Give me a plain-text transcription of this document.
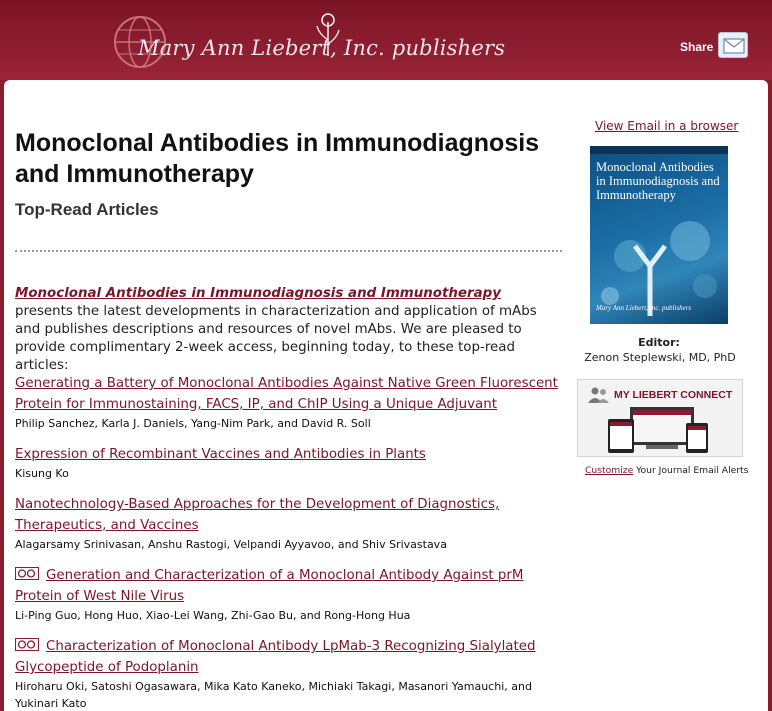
Mary Ann Liebert, Inc. publishers	Share
Monoclonal Antibodies in Immunodiagnosis and Immunotherapy
Top-Read Articles

Monoclonal Antibodies in Immunodiagnosis and Immunotherapy presents the latest developments in characterization and application of mAbs and publishes descriptions and resources of novel mAbs. We are pleased to provide complimentary 2-week access, beginning today, to these top-read articles:

Generating a Battery of Monoclonal Antibodies Against Native Green Fluorescent Protein for Immunostaining, FACS, IP, and ChIP Using a Unique Adjuvant
Philip Sanchez, Karla J. Daniels, Yang-Nim Park, and David R. Soll
Expression of Recombinant Vaccines and Antibodies in Plants
Kisung Ko
Nanotechnology-Based Approaches for the Development of Diagnostics, Therapeutics, and Vaccines
Alagarsamy Srinivasan, Anshu Rastogi, Velpandi Ayyavoo, and Shiv Srivastava
Generation and Characterization of a Monoclonal Antibody Against prM Protein of West Nile Virus
Li-Ping Guo, Hong Huo, Xiao-Lei Wang, Zhi-Gao Bu, and Rong-Hong Hua
Characterization of Monoclonal Antibody LpMab-3 Recognizing Sialylated Glycopeptide of Podoplanin
Hiroharu Oki, Satoshi Ogasawara, Mika Kato Kaneko, Michiaki Takagi, Masanori Yamauchi, and Yukinari Kato
View Email in a browser
Monoclonal Antibodies in Immunodiagnosis and Immunotherapy
Mary Ann Liebert, Inc. publishers
Editor:
Zenon Steplewski, MD, PhD
MY LIEBERT CONNECT
Customize Your Journal Email Alerts
